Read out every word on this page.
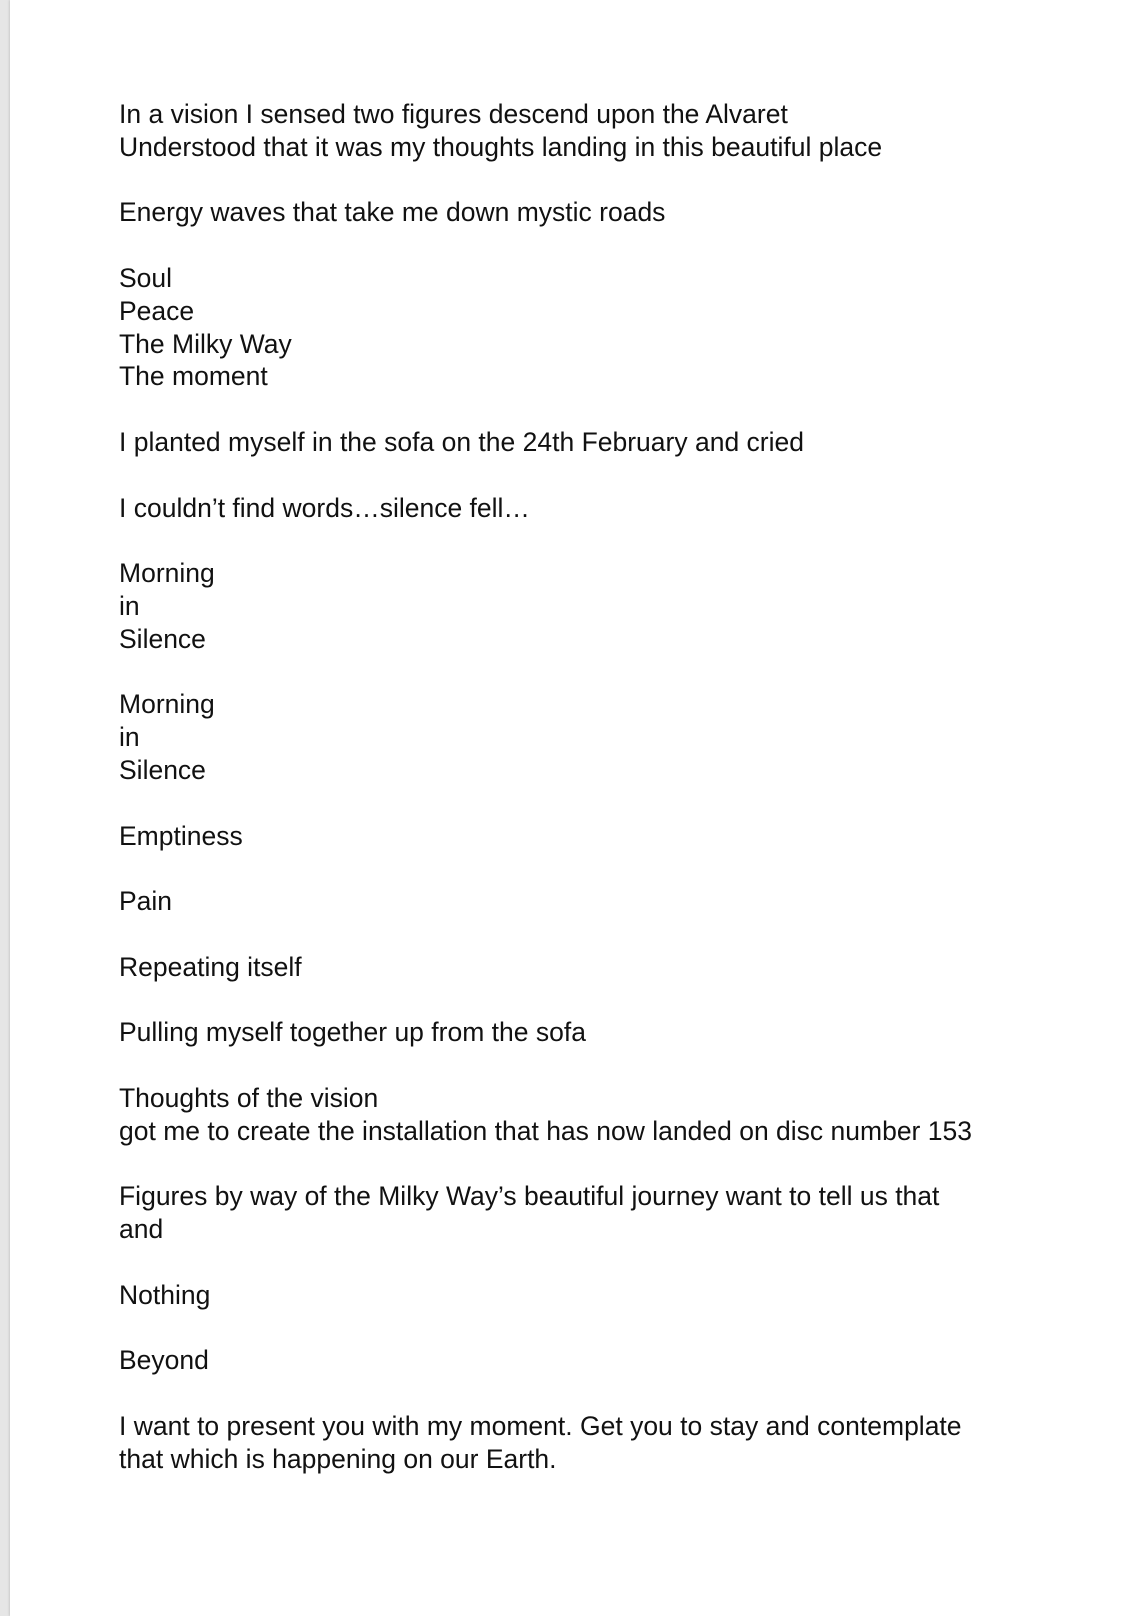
In a vision I sensed two figures descend upon the Alvaret
Understood that it was my thoughts landing in this beautiful place
Energy waves that take me down mystic roads
Soul
Peace
The Milky Way
The moment
I planted myself in the sofa on the 24th February and cried
I couldn’t find words…silence fell…
Morning
in
Silence
Morning
in
Silence
Emptiness
Pain
Repeating itself
Pulling myself together up from the sofa
Thoughts of the vision
got me to create the installation that has now landed on disc number 153
Figures by way of the Milky Way’s beautiful journey want to tell us that
and
Nothing
Beyond
I want to present you with my moment. Get you to stay and contemplate
that which is happening on our Earth.
